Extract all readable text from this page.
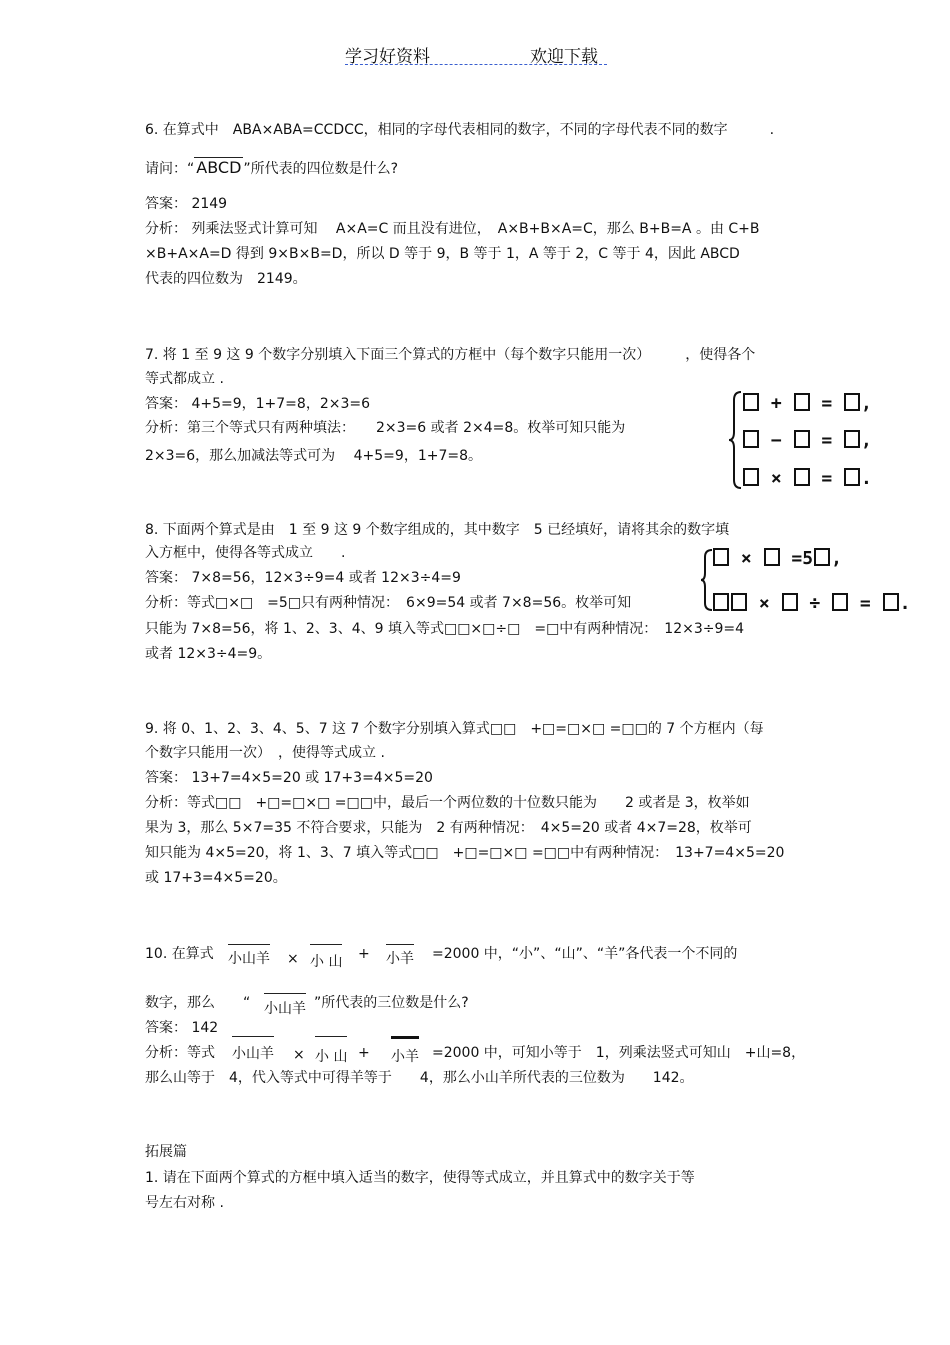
学习好资料	欢迎下载
6. 在算式中　ABA×ABA=CCDCC，相同的字母代表相同的数字，不同的字母代表不同的数字　　　.
请问：“ ABCD ”所代表的四位数是什么?
答案： 2149
分析： 列乘法竖式计算可知　 A×A=C 而且没有进位，　A×B+B×A=C，那么 B+B=A 。由 C+B
×B+A×A=D 得到 9×B×B=D，所以 D 等于 9，B 等于 1，A 等于 2，C 等于 4，因此 ABCD
代表的四位数为　2149。
7. 将 1 至 9 这 9 个数字分别填入下面三个算式的方框中（每个数字只能用一次）　　　，使得各个
等式都成立 .
答案： 4+5=9，1+7=8，2×3=6
分析：第三个等式只有两种填法：　　2×3=6 或者 2×4=8。枚举可知只能为
2×3=6，那么加减法等式可为　 4+5=9，1+7=8。
+  = ,
−  = ,
×  = .
8. 下面两个算式是由　1 至 9 这 9 个数字组成的，其中数字　5 已经填好，请将其余的数字填
入方框中，使得各等式成立　　.
答案： 7×8=56，12×3÷9=4 或者 12×3÷4=9
分析：等式□×□　=5□只有两种情况：　6×9=54 或者 7×8=56。枚举可知
只能为 7×8=56，将 1、2、3、4、9 填入等式□□×□÷□　=□中有两种情况：　12×3÷9=4
或者 12×3÷4=9。
× =5 ,
× ÷ = .
9. 将 0、1、2、3、4、5、7 这 7 个数字分别填入算式□□　+□=□×□ =□□的 7 个方框内（每
个数字只能用一次）　，使得等式成立 .
答案： 13+7=4×5=20 或 17+3=4×5=20
分析：等式□□　+□=□×□ =□□中，最后一个两位数的十位数只能为　　2 或者是 3，枚举如
果为 3，那么 5×7=35 不符合要求，只能为　2 有两种情况：　4×5=20 或者 4×7=28，枚举可
知只能为 4×5=20，将 1、3、7 填入等式□□　+□=□×□ =□□中有两种情况：　13+7=4×5=20
或 17+3=4×5=20。
10. 在算式 小山羊 × 小 山 + 小羊 =2000 中，“小”、“山”、“羊”各代表一个不同的
数字，那么　　“ 小山羊 ”所代表的三位数是什么?
答案： 142
分析：等式 小山羊 × 小 山 + 小羊 =2000 中，可知小等于　1，列乘法竖式可知山　+山=8，
那么山等于　4，代入等式中可得羊等于　　4，那么小山羊所代表的三位数为　　142。
拓展篇
1. 请在下面两个算式的方框中填入适当的数字，使得等式成立，并且算式中的数字关于等
号左右对称 .
